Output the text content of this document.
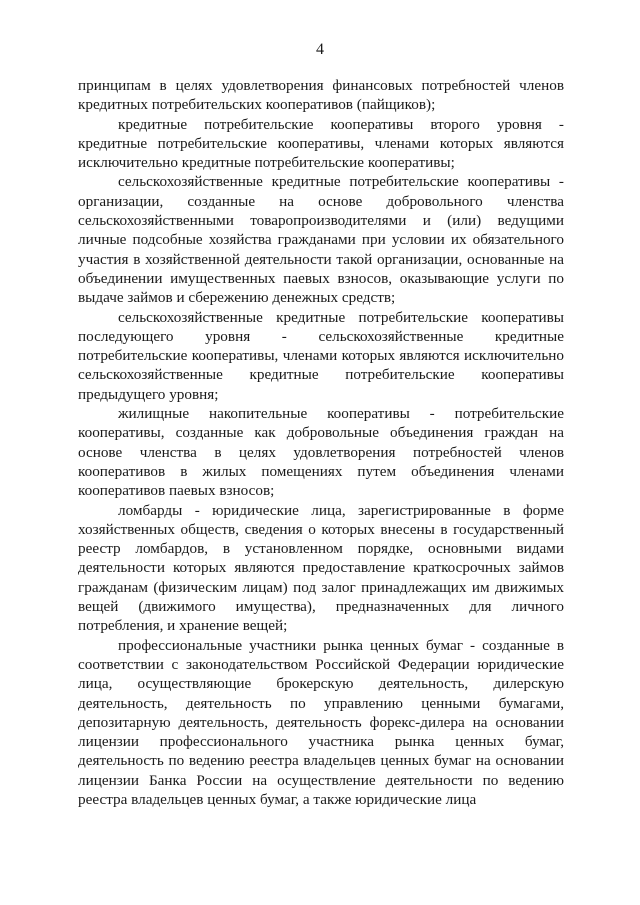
4

принципам в целях удовлетворения финансовых потребностей членов кредитных потребительских кооперативов (пайщиков);

кредитные потребительские кооперативы второго уровня - кредитные потребительские кооперативы, членами которых являются исключительно кредитные потребительские кооперативы;

сельскохозяйственные кредитные потребительские кооперативы - организации, созданные на основе добровольного членства сельскохозяйственными товаропроизводителями и (или) ведущими личные подсобные хозяйства гражданами при условии их обязательного участия в хозяйственной деятельности такой организации, основанные на объединении имущественных паевых взносов, оказывающие услуги по выдаче займов и сбережению денежных средств;

сельскохозяйственные кредитные потребительские кооперативы последующего уровня - сельскохозяйственные кредитные потребительские кооперативы, членами которых являются исключительно сельскохозяйственные кредитные потребительские кооперативы предыдущего уровня;

жилищные накопительные кооперативы - потребительские кооперативы, созданные как добровольные объединения граждан на основе членства в целях удовлетворения потребностей членов кооперативов в жилых помещениях путем объединения членами кооперативов паевых взносов;

ломбарды - юридические лица, зарегистрированные в форме хозяйственных обществ, сведения о которых внесены в государственный реестр ломбардов, в установленном порядке, основными видами деятельности которых являются предоставление краткосрочных займов гражданам (физическим лицам) под залог принадлежащих им движимых вещей (движимого имущества), предназначенных для личного потребления, и хранение вещей;

профессиональные участники рынка ценных бумаг - созданные в соответствии с законодательством Российской Федерации юридические лица, осуществляющие брокерскую деятельность, дилерскую деятельность, деятельность по управлению ценными бумагами, депозитарную деятельность, деятельность форекс-дилера на основании лицензии профессионального участника рынка ценных бумаг, деятельность по ведению реестра владельцев ценных бумаг на основании лицензии Банка России на осуществление деятельности по ведению реестра владельцев ценных бумаг, а также юридические лица
